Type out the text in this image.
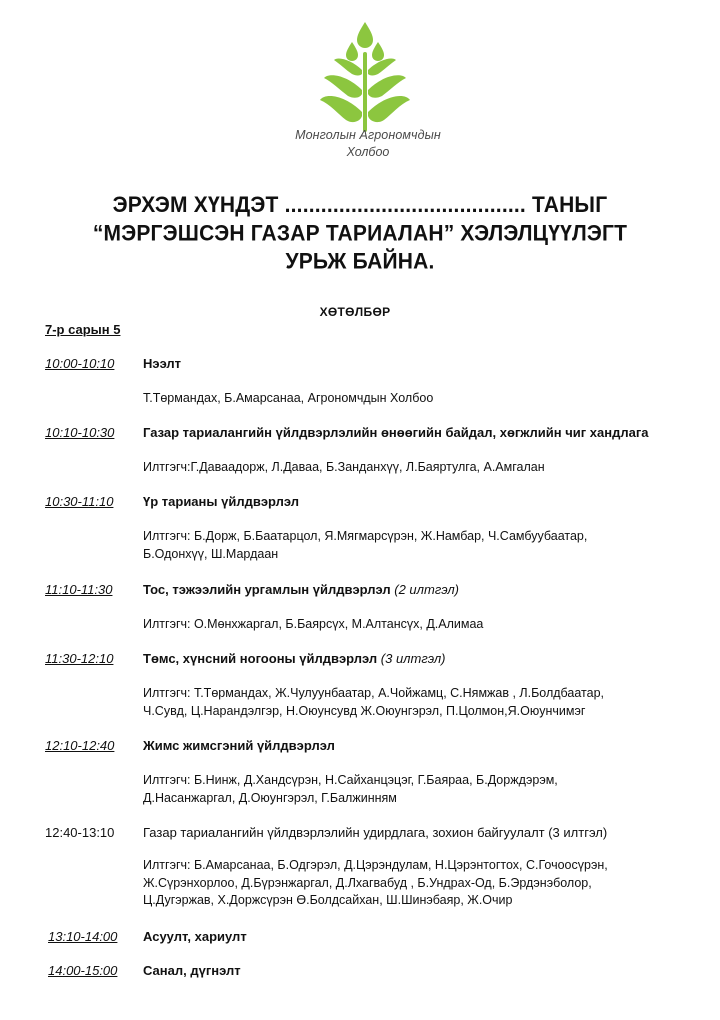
Монголын Агрономчдын
Холбоо
ЭРХЭМ ХҮНДЭТ ........................................ ТАНЫГ
“МЭРГЭШСЭН ГАЗАР ТАРИАЛАН” ХЭЛЭЛЦҮҮЛЭГТ
УРЬЖ БАЙНА.
ХӨТӨЛБӨР
7-р сарын 5
10:00-10:10 Нээлт
Т.Төрмандах, Б.Амарсанаа, Агрономчдын Холбоо
10:10-10:30 Газар тариалангийн үйлдвэрлэлийн өнөөгийн байдал, хөгжлийн чиг хандлага
Илтгэгч:Г.Даваадорж, Л.Даваа, Б.Занданхүү, Л.Баяртулга, А.Амгалан
10:30-11:10 Үр тарианы үйлдвэрлэл
Илтгэгч: Б.Дорж, Б.Баатарцол, Я.Мягмарсүрэн, Ж.Намбар, Ч.Самбуубаатар,
Б.Одонхүү, Ш.Мардаан
11:10-11:30 Тос, тэжээлийн ургамлын үйлдвэрлэл (2 илтгэл)
Илтгэгч: О.Мөнхжаргал, Б.Баярсүх, М.Алтансүх, Д.Алимаа
11:30-12:10 Төмс, хүнсний ногооны үйлдвэрлэл (3 илтгэл)
Илтгэгч: Т.Төрмандах, Ж.Чулуунбаатар, А.Чойжамц, С.Нямжав , Л.Болдбаатар,
Ч.Сувд, Ц.Нарандэлгэр, Н.Оюунсувд Ж.Оюунгэрэл, П.Цолмон,Я.Оюунчимэг
12:10-12:40 Жимс жимсгэний үйлдвэрлэл
Илтгэгч: Б.Нинж, Д.Хандсүрэн, Н.Сайханцэцэг, Г.Баяраа, Б.Дорждэрэм,
Д.Насанжаргал, Д.Оюунгэрэл, Г.Балжинням
12:40-13:10 Газар тариалангийн үйлдвэрлэлийн удирдлага, зохион байгуулалт (3 илтгэл)
Илтгэгч: Б.Амарсанаа, Б.Одгэрэл, Д.Цэрэндулам, Н.Цэрэнтогтох, С.Гочоосүрэн,
Ж.Сүрэнхорлоо, Д.Бүрэнжаргал, Д.Лхагвабуд , Б.Ундрах-Од, Б.Эрдэнэболор,
Ц.Дугэржав, Х.Доржсүрэн Ө.Болдсайхан, Ш.Шинэбаяр, Ж.Очир
13:10-14:00 Асуулт, хариулт
14:00-15:00 Санал, дүгнэлт
